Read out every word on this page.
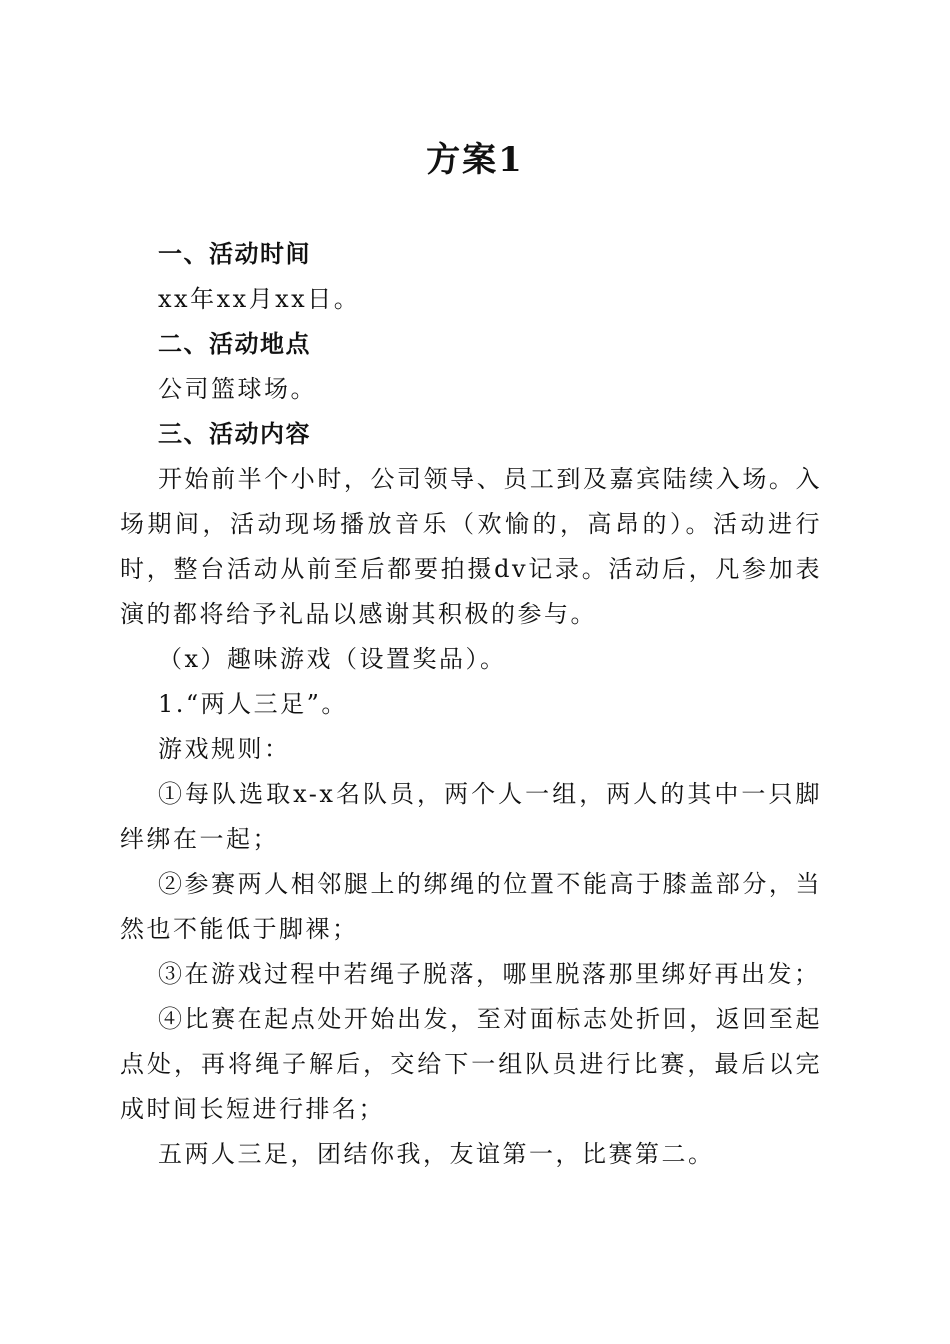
方案1

一、活动时间

xx年xx月xx日。

二、活动地点

公司篮球场。

三、活动内容

开始前半个小时，公司领导、员工到及嘉宾陆续入场。入场期间，活动现场播放音乐（欢愉的，高昂的）。活动进行时，整台活动从前至后都要拍摄dv记录。活动后，凡参加表演的都将给予礼品以感谢其积极的参与。

（x）趣味游戏（设置奖品）。

1.“两人三足”。

游戏规则：

①每队选取x-x名队员，两个人一组，两人的其中一只脚绊绑在一起；

②参赛两人相邻腿上的绑绳的位置不能高于膝盖部分，当然也不能低于脚裸；

③在游戏过程中若绳子脱落，哪里脱落那里绑好再出发；

④比赛在起点处开始出发，至对面标志处折回，返回至起点处，再将绳子解后，交给下一组队员进行比赛，最后以完成时间长短进行排名；

五两人三足，团结你我，友谊第一，比赛第二。
